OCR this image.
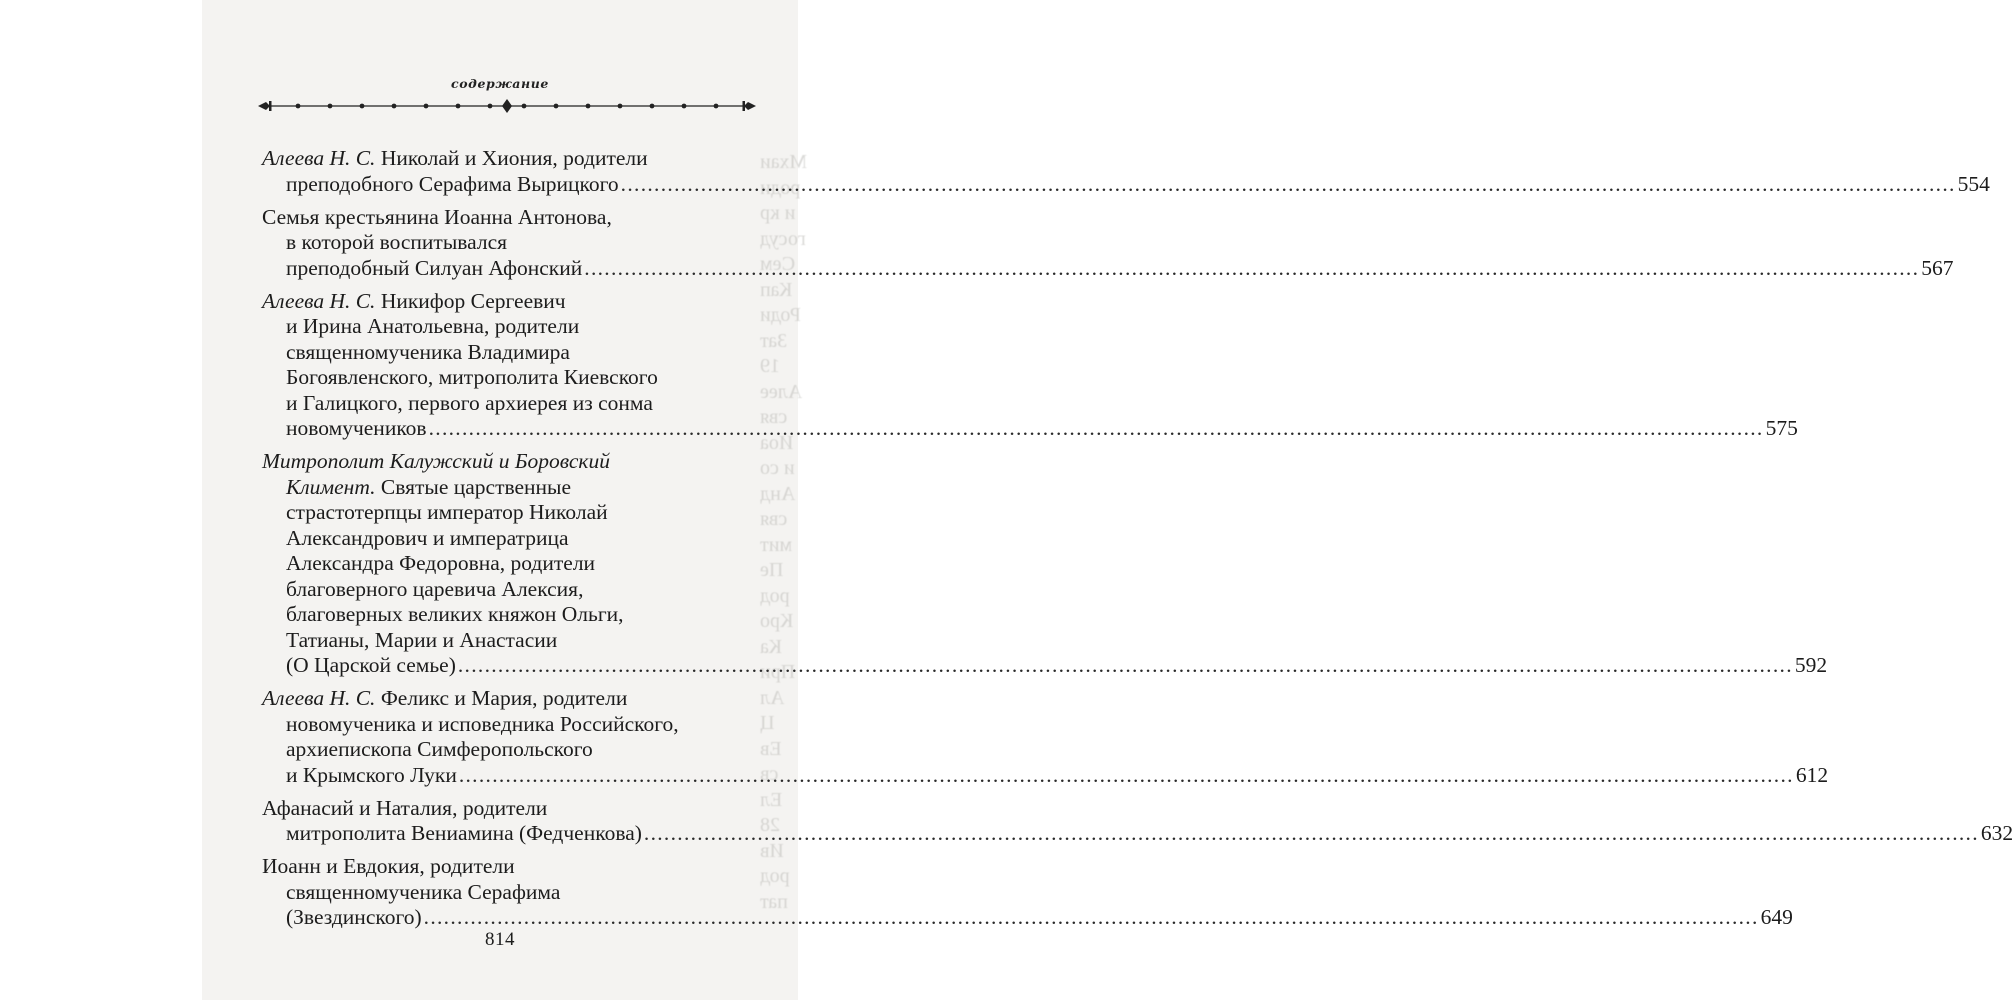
Мхаи
роди
и кр
госуд
Сем
Кап
Роди
Зат
19
Алее
свя
Иоа
и со
Анд
свя
мит
Пе
род
Кро
Ка
При
Ал
Ц
Ев
св
Ел
28
Ив
род
пат
содержание
Алеева Н. С. Николай и Хиония, родители
преподобного Серафима Вырицкого .....	554
Семья крестьянина Иоанна Антонова,
в которой воспитывался
преподобный Силуан Афонский .....	567
Алеева Н. С. Никифор Сергеевич
и Ирина Анатольевна, родители
священномученика Владимира
Богоявленского, митрополита Киевского
и Галицкого, первого архиерея из сонма
новомучеников .....	575
Митрополит Калужский и Боровский
Климент. Святые царственные
страстотерпцы император Николай
Александрович и императрица
Александра Федоровна, родители
благоверного царевича Алексия,
благоверных великих княжон Ольги,
Татианы, Марии и Анастасии
(О Царской семье) .....	592
Алеева Н. С. Феликс и Мария, родители
новомученика и исповедника Российского,
архиепископа Симферопольского
и Крымского Луки .....	612
Афанасий и Наталия, родители
митрополита Вениамина (Федченкова) .....	632
Иоанн и Евдокия, родители
священномученика Серафима
(Звездинского) .....	649
814
